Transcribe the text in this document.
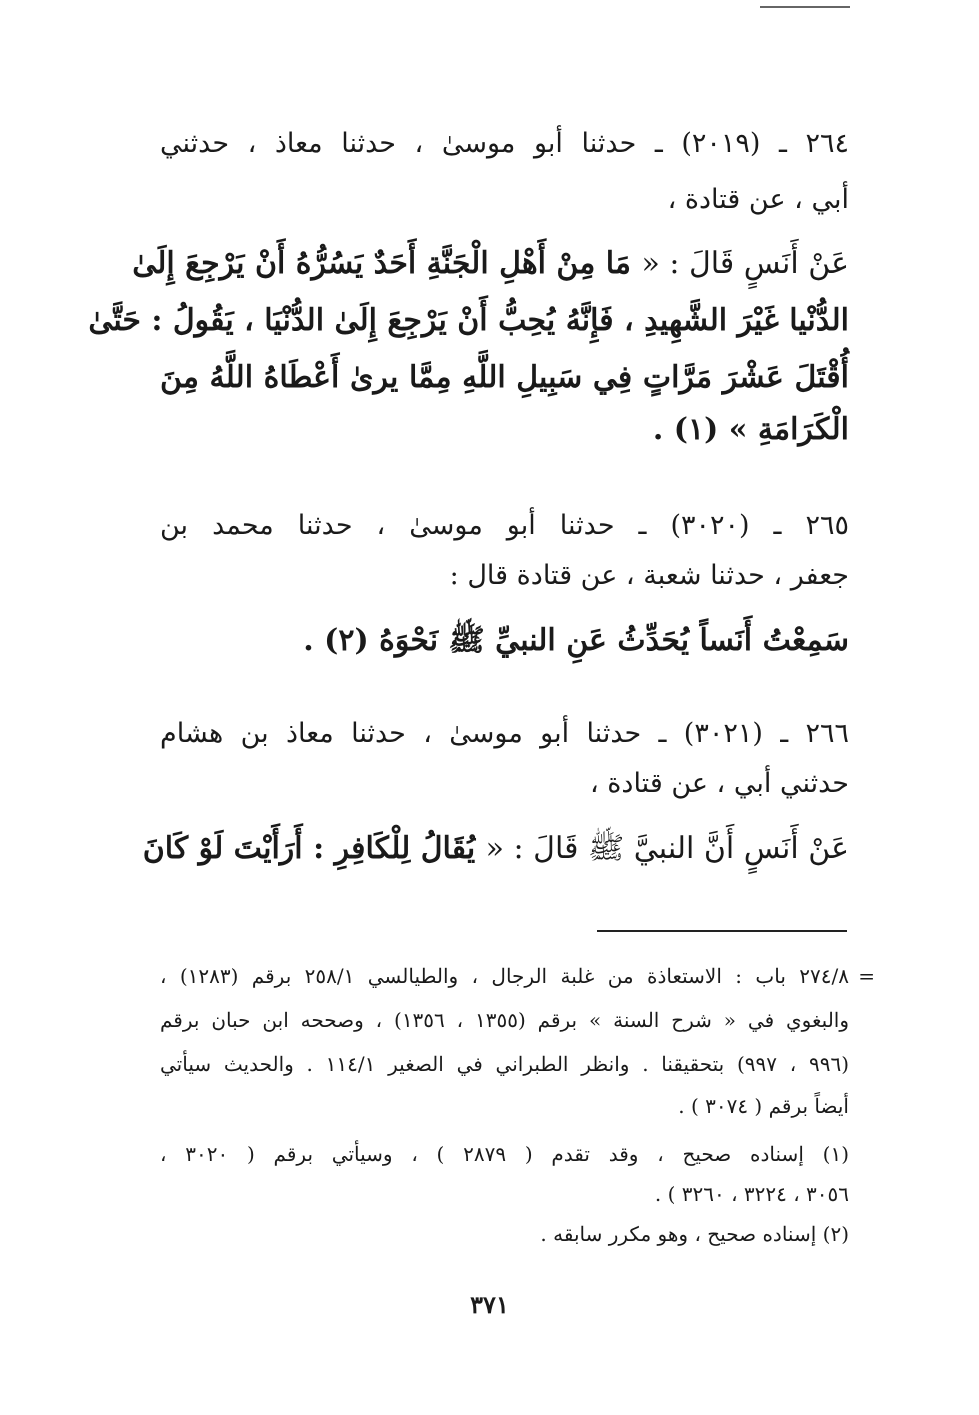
٢٦٤ ـ (٢٠١٩) ـ حدثنا أبو موسىٰ ، حدثنا معاذ ، حدثني
أبي ، عن قتادة ،
عَنْ أَنَسٍ قَالَ : « مَا مِنْ أَهْلِ الْجَنَّةِ أَحَدٌ يَسُرُّهُ أَنْ يَرْجِعَ إِلَىٰ
الدُّنْيا غَيْرَ الشَّهِيدِ ، فَإِنَّهُ يُحِبُّ أَنْ يَرْجِعَ إِلَىٰ الدُّنْيَا ، يَقُولُ : حَتَّىٰ
أُقْتَلَ عَشْرَ مَرَّاتٍ فِي سَبِيلِ اللَّهِ مِمَّا يرىٰ أَعْطَاهُ اللَّهُ مِنَ
الْكَرَامَةِ » (١) .
٢٦٥ ـ (٣٠٢٠) ـ حدثنا أبو موسىٰ ، حدثنا محمد بن
جعفر ، حدثنا شعبة ، عن قتادة قال :
سَمِعْتُ أَنَساً يُحَدِّثُ عَنِ النبيِّ ﷺ نَحْوَهُ (٢) .
٢٦٦ ـ (٣٠٢١) ـ حدثنا أبو موسىٰ ، حدثنا معاذ بن هشام
حدثني أبي ، عن قتادة ،
عَنْ أَنَسٍ أَنَّ النبيَّ ﷺ قَالَ : « يُقَالُ لِلْكَافِرِ : أَرَأَيْتَ لَوْ كَانَ
=
٢٧٤/٨ باب : الاستعاذة من غلبة الرجال ، والطيالسي ٢٥٨/١ برقم (١٢٨٣) ،
والبغوي في « شرح السنة » برقم (١٣٥٥ ، ١٣٥٦) ، وصححه ابن حبان برقم
(٩٩٦ ، ٩٩٧) بتحقيقنا . وانظر الطبراني في الصغير ١١٤/١ . والحديث سيأتي
أيضاً برقم ( ٣٠٧٤ ) .
(١) إسناده صحيح ، وقد تقدم ( ٢٨٧٩ ) ، وسيأتي برقم ( ٣٠٢٠ ،
٣٠٥٦ ، ٣٢٢٤ ، ٣٢٦٠ ) .
(٢) إسناده صحيح ، وهو مكرر سابقه .
٣٧١
